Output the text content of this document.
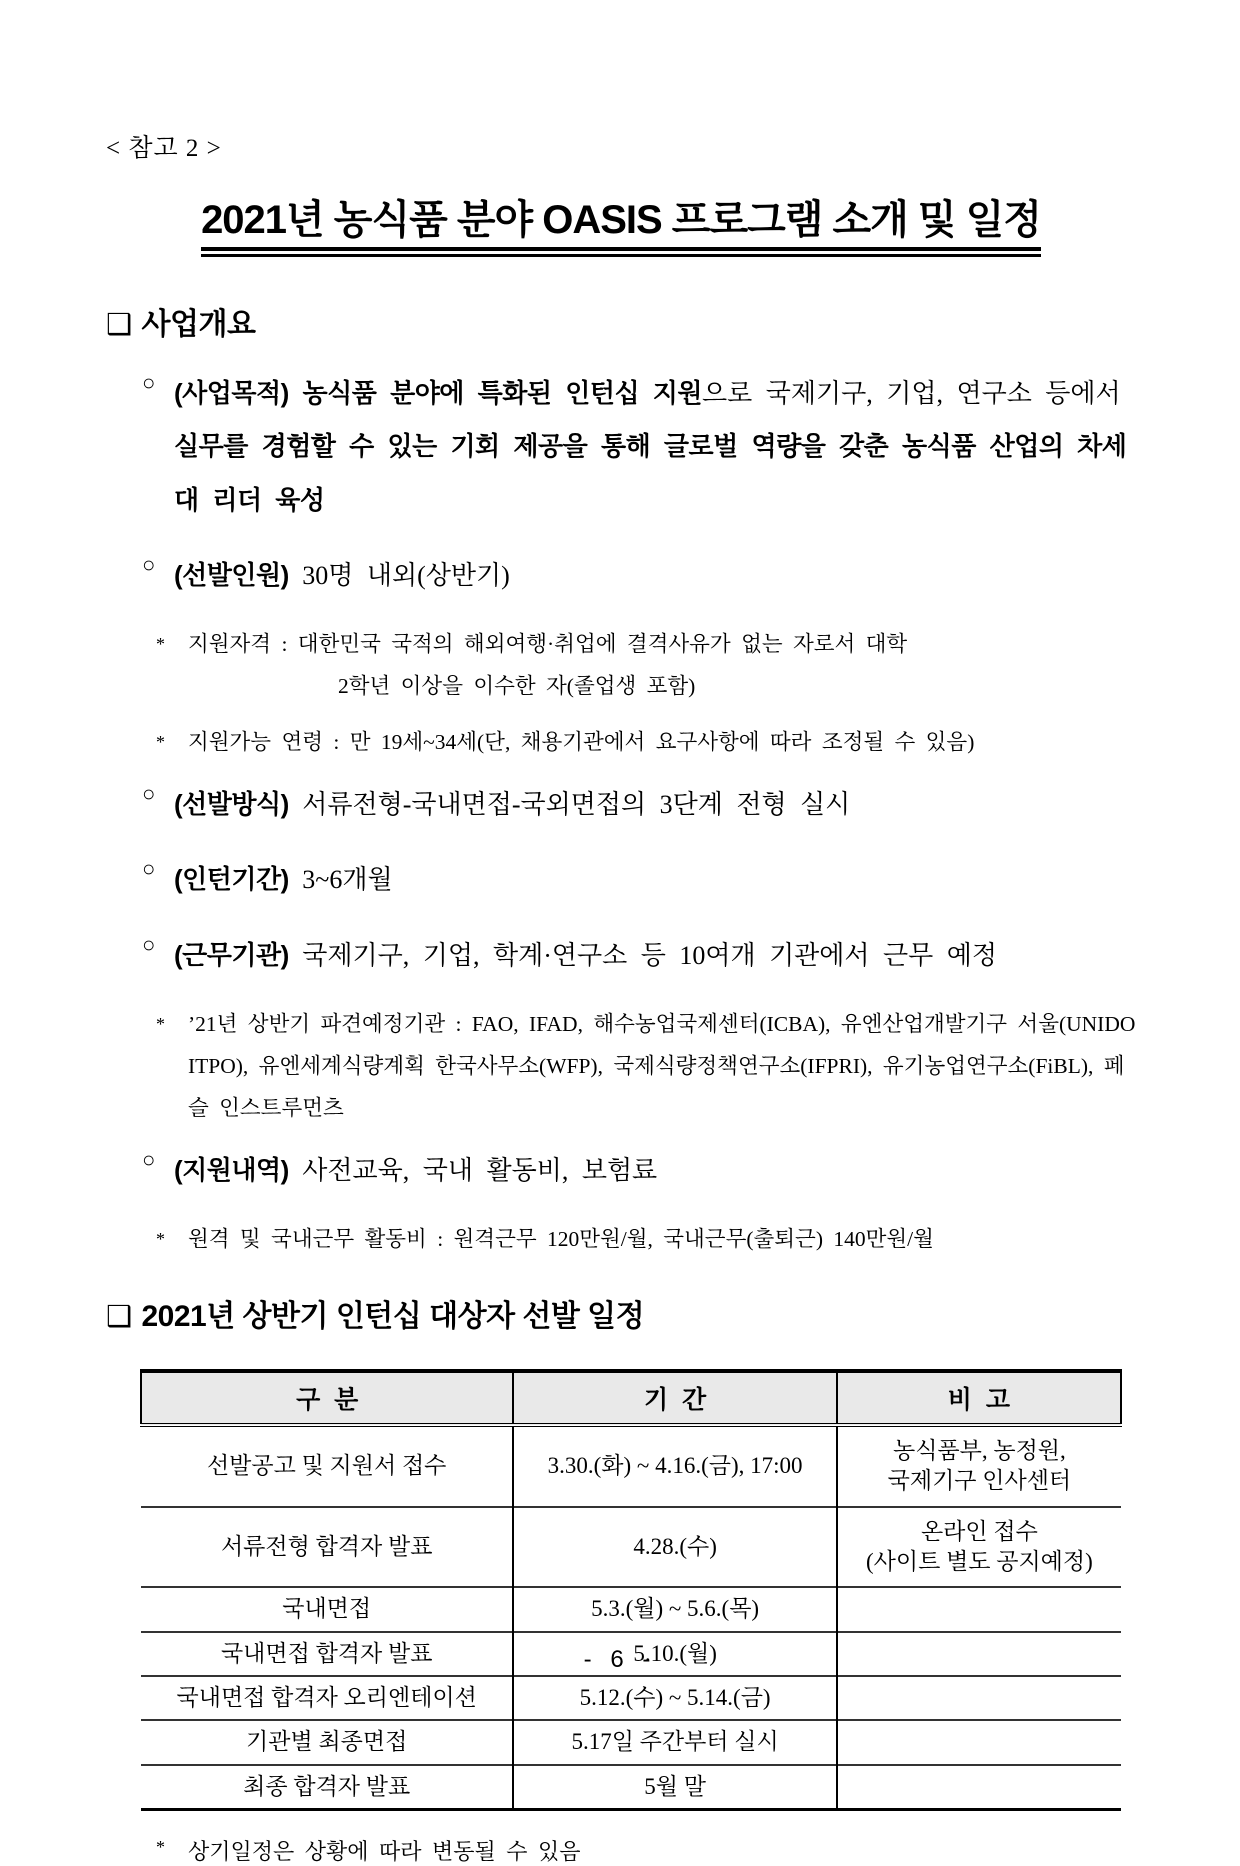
< 참고 2 >
2021년 농식품 분야 OASIS 프로그램 소개 및 일정
❑ 사업개요
○ (사업목적) 농식품 분야에 특화된 인턴십 지원으로 국제기구, 기업, 연구소 등에서 실무를 경험할 수 있는 기회 제공을 통해 글로벌 역량을 갖춘 농식품 산업의 차세대 리더 육성

○ (선발인원) 30명 내외(상반기)

* 지원자격 : 대한민국 국적의 해외여행·취업에 결격사유가 없는 자로서 대학
2학년 이상을 이수한 자(졸업생 포함)
* 지원가능 연령 : 만 19세~34세(단, 채용기관에서 요구사항에 따라 조정될 수 있음)
○ (선발방식) 서류전형-국내면접-국외면접의 3단계 전형 실시

○ (인턴기간) 3~6개월

○ (근무기관) 국제기구, 기업, 학계·연구소 등 10여개 기관에서 근무 예정

* ’21년 상반기 파견예정기관 : FAO, IFAD, 해수농업국제센터(ICBA), 유엔산업개발기구 서울(UNIDO ITPO), 유엔세계식량계획 한국사무소(WFP), 국제식량정책연구소(IFPRI), 유기농업연구소(FiBL), 페슬 인스트루먼츠
○ (지원내역) 사전교육, 국내 활동비, 보험료

* 원격 및 국내근무 활동비 : 원격근무 120만원/월, 국내근무(출퇴근) 140만원/월
❑ 2021년 상반기 인턴십 대상자 선발 일정
구  분	기  간	비  고
선발공고 및 지원서 접수	3.30.(화) ~ 4.16.(금), 17:00	농식품부, 농정원,
국제기구 인사센터

서류전형 합격자 발표	4.28.(수)	온라인 접수
(사이트 별도 공지예정)

국내면접	5.3.(월) ~ 5.6.(목)	
국내면접 합격자 발표	5.10.(월)	
국내면접 합격자 오리엔테이션	5.12.(수) ~ 5.14.(금)	
기관별 최종면접	5.17일 주간부터 실시	
최종 합격자 발표	5월 말	
* 상기일정은 상황에 따라 변동될 수 있음
- 6 -
